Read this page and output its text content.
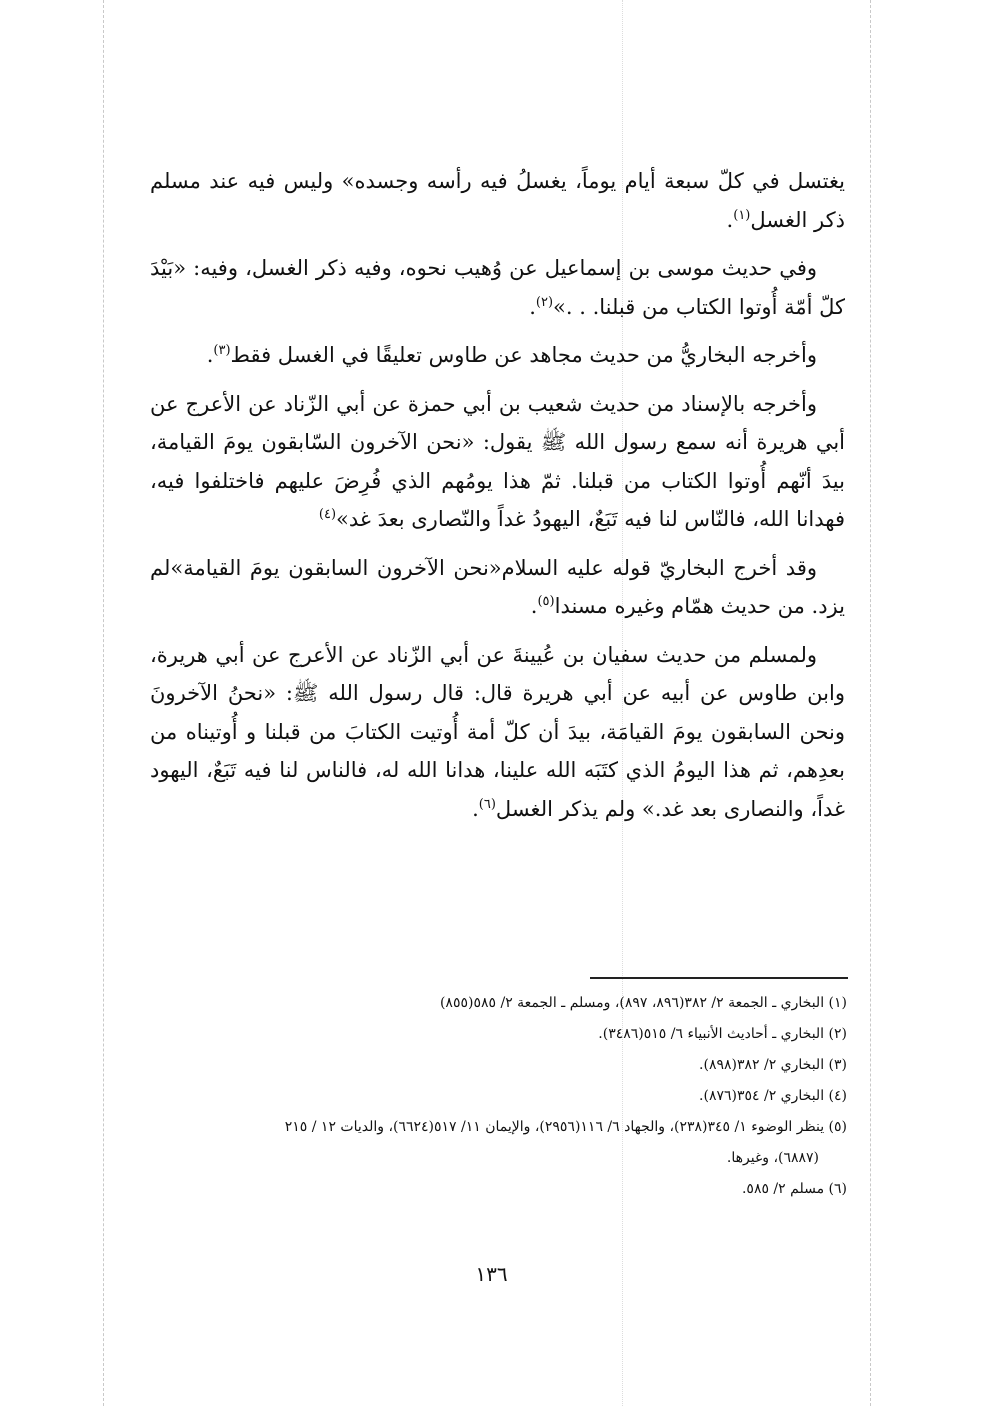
يغتسل في كلّ سبعة أيام يوماً، يغسلُ فيه رأسه وجسده» وليس فيه عند مسلم ذكر الغسل$^{(١)}$.

وفي حديث موسى بن إسماعيل عن وُهيب نحوه، وفيه ذكر الغسل، وفيه: «بَيْدَ كلّ أمّة أُوتوا الكتاب من قبلنا. . .»$^{(٢)}$.

وأخرجه البخاريُّ من حديث مجاهد عن طاوس تعليقًا في الغسل فقط$^{(٣)}$.

وأخرجه بالإسناد من حديث شعيب بن أبي حمزة عن أبي الزّناد عن الأعرج عن أبي هريرة أنه سمع رسول الله ﷺ يقول: «نحن الآخرون السّابقون يومَ القيامة، بيدَ أنّهم أُوتوا الكتاب من قبلنا. ثمّ هذا يومُهم الذي فُرِضَ عليهم فاختلفوا فيه، فهدانا الله، فالنّاس لنا فيه تَبَعٌ، اليهودُ غداً والنّصارى بعدَ غد»$^{(٤)}$

وقد أخرج البخاريّ قوله عليه السلام«نحن الآخرون السابقون يومَ القيامة»لم يزد. من حديث همّام وغيره مسندا$^{(٥)}$.

ولمسلم من حديث سفيان بن عُيينةَ عن أبي الزّناد عن الأعرج عن أبي هريرة، وابن طاوس عن أبيه عن أبي هريرة قال: قال رسول الله ﷺ: «نحنُ الآخرونَ ونحن السابقون يومَ القيامَة، بيدَ أن كلّ أمة أُوتيت الكتابَ من قبلنا و أُوتيناه من بعدِهم، ثم هذا اليومُ الذي كتَبَه الله علينا، هدانا الله له، فالناس لنا فيه تَبَعٌ، اليهود غداً، والنصارى بعد غد.» ولم يذكر الغسل$^{(٦)}$.

(١) البخاري ـ الجمعة ٢/ ٣٨٢(٨٩٦، ٨٩٧)، ومسلم ـ الجمعة ٢/ ٥٨٥(٨٥٥)

(٢) البخاري ـ أحاديث الأنبياء ٦/ ٥١٥(٣٤٨٦).

(٣) البخاري ٢/ ٣٨٢(٨٩٨).

(٤) البخاري ٢/ ٣٥٤(٨٧٦).

(٥) ينظر الوضوء ١/ ٣٤٥(٢٣٨)، والجهاد ٦/ ١١٦(٢٩٥٦)، والإيمان ١١/ ٥١٧(٦٦٢٤)، والديات ١٢ / ٢١٥

(٦٨٨٧)، وغيرها.

(٦) مسلم ٢/ ٥٨٥.

١٣٦
